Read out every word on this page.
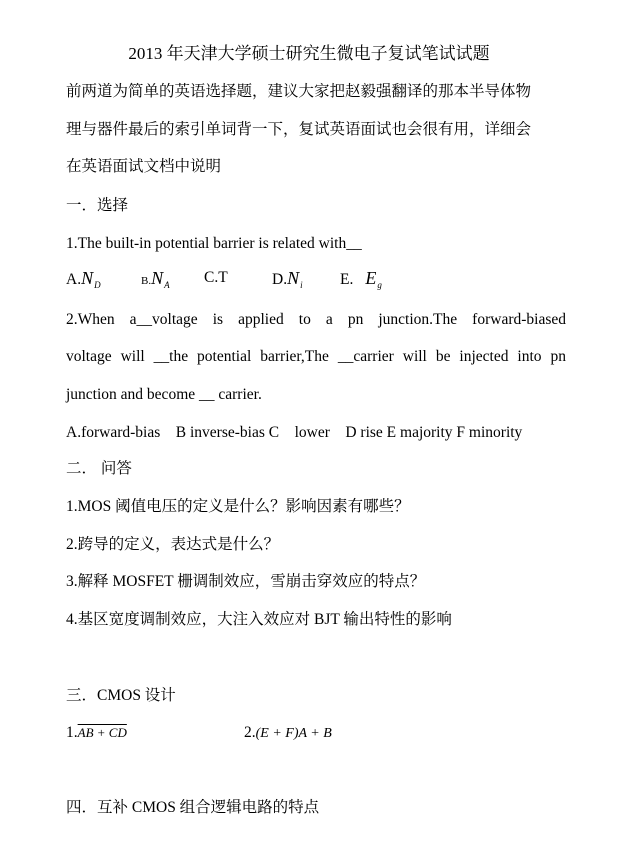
2013 年天津大学硕士研究生微电子复试笔试试题
前两道为简单的英语选择题，建议大家把赵毅强翻译的那本半导体物
理与器件最后的索引单词背一下，复试英语面试也会很有用，详细会
在英语面试文档中说明
一．选择
1.The built-in potential barrier is related with__
$A.N_D$	$B.N_A$ C.T	$D.N_i$ E. $E_g$
2.When a__voltage is applied to a pn junction.The forward-biased
voltage will __the potential barrier,The __carrier will be injected into pn
junction and become __ carrier.
A.forward-bias    B inverse-bias C    lower    D rise E majority F minority
二． 问答
1.MOS 阈值电压的定义是什么？影响因素有哪些？
2.跨导的定义，表达式是什么？
3.解释 MOSFET 栅调制效应，雪崩击穿效应的特点？
4.基区宽度调制效应，大注入效应对 BJT 输出特性的影响
三．CMOS 设计
1.AB + CD	2.(E + F)A + B
四．互补 CMOS 组合逻辑电路的特点
